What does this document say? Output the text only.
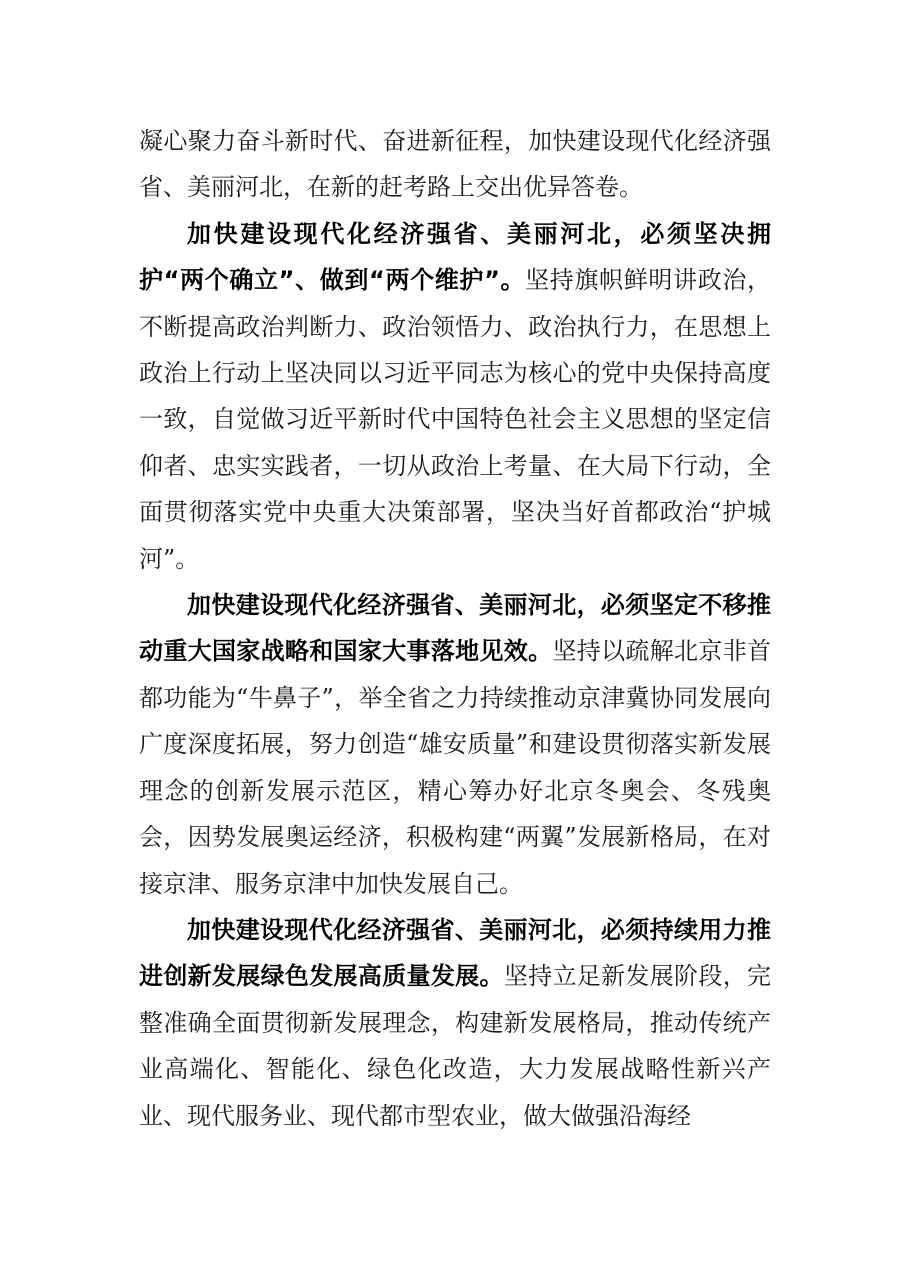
凝心聚力奋斗新时代、奋进新征程，加快建设现代化经济强省、美丽河北，在新的赶考路上交出优异答卷。

加快建设现代化经济强省、美丽河北，必须坚决拥护“两个确立”、做到“两个维护”。坚持旗帜鲜明讲政治，不断提高政治判断力、政治领悟力、政治执行力，在思想上政治上行动上坚决同以习近平同志为核心的党中央保持高度一致，自觉做习近平新时代中国特色社会主义思想的坚定信仰者、忠实实践者，一切从政治上考量、在大局下行动，全面贯彻落实党中央重大决策部署，坚决当好首都政治“护城河”。

加快建设现代化经济强省、美丽河北，必须坚定不移推动重大国家战略和国家大事落地见效。坚持以疏解北京非首都功能为“牛鼻子”，举全省之力持续推动京津冀协同发展向广度深度拓展，努力创造“雄安质量”和建设贯彻落实新发展理念的创新发展示范区，精心筹办好北京冬奥会、冬残奥会，因势发展奥运经济，积极构建“两翼”发展新格局，在对接京津、服务京津中加快发展自己。

加快建设现代化经济强省、美丽河北，必须持续用力推进创新发展绿色发展高质量发展。坚持立足新发展阶段，完整准确全面贯彻新发展理念，构建新发展格局，推动传统产业高端化、智能化、绿色化改造，大力发展战略性新兴产业、现代服务业、现代都市型农业，做大做强沿海经
